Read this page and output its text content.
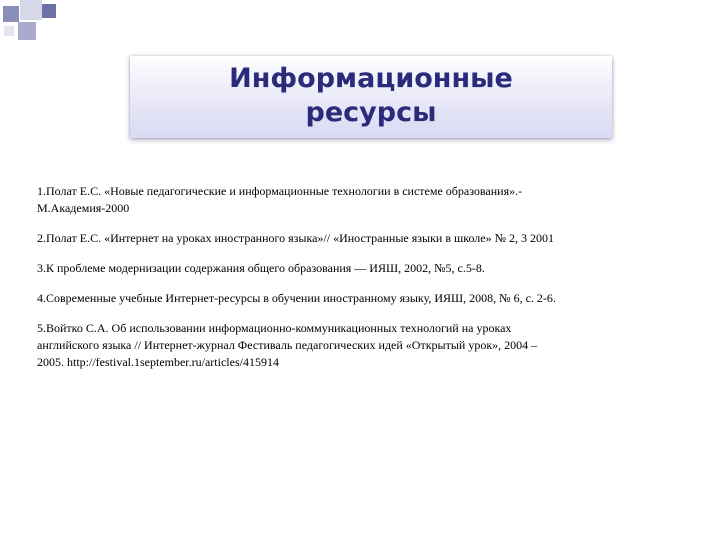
Информационные
ресурсы
1.Полат Е.С. «Новые педагогические и информационные технологии в системе образования».-
М.Академия-2000
2.Полат Е.С. «Интернет на уроках иностранного языка»// «Иностранные языки в школе» № 2, 3 2001
3.К проблеме модернизации содержания общего образования — ИЯШ, 2002, №5, с.5-8.
4.Современные учебные Интернет-ресурсы в обучении иностранному языку, ИЯШ, 2008, № 6, с. 2-6.
5.Войтко С.А. Об использовании информационно-коммуникационных технологий на уроках
английского языка // Интернет-журнал Фестиваль педагогических идей «Открытый урок», 2004 –
2005. http://festival.1september.ru/articles/415914
